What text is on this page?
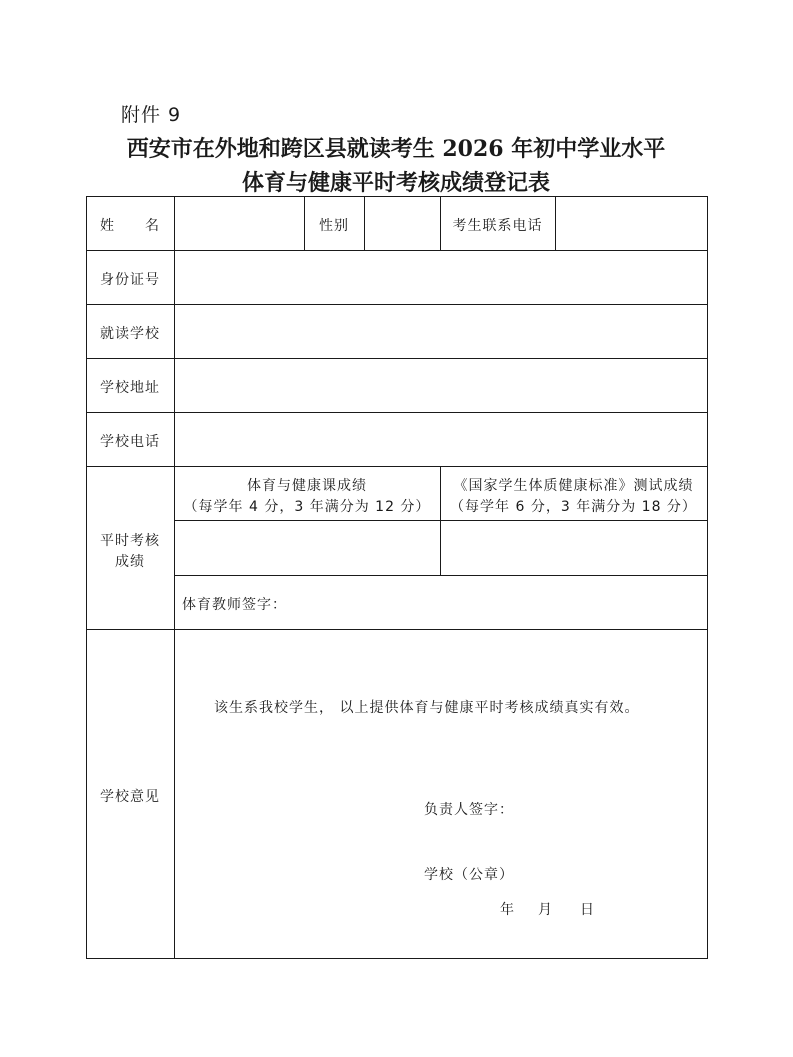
附件 9
西安市在外地和跨区县就读考生 2026 年初中学业水平
体育与健康平时考核成绩登记表
姓　　名	性别	考生联系电话
身份证号
就读学校
学校地址
学校电话
平时考核
成绩
体育与健康课成绩
（每学年 4 分，3 年满分为 12 分）
《国家学生体质健康标准》测试成绩
（每学年 6 分，3 年满分为 18 分）
体育教师签字：
学校意见
该生系我校学生， 以上提供体育与健康平时考核成绩真实有效。
负责人签字：
学校（公章）
年 月 日
